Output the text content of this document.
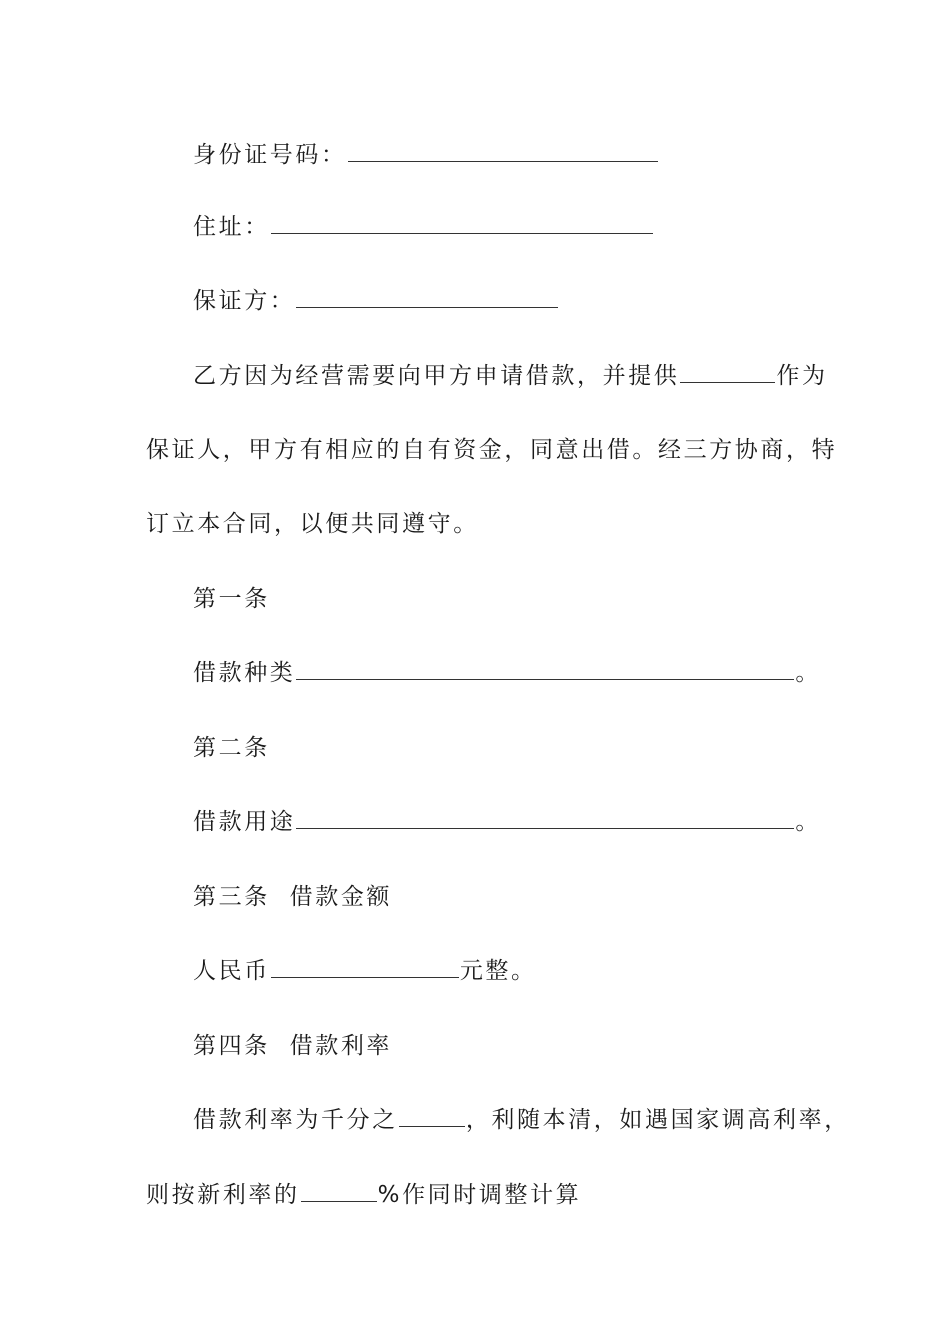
身份证号码：
住址：
保证方：
乙方因为经营需要向甲方申请借款，并提供	作为
保证人，甲方有相应的自有资金，同意出借。经三方协商，特
订立本合同，以便共同遵守。
第一条
借款种类	。
第二条
借款用途	。
第三条  借款金额
人民币	元整。
第四条  借款利率
借款利率为千分之	，利随本清，如遇国家调高利率，
则按新利率的	%作同时调整计算
